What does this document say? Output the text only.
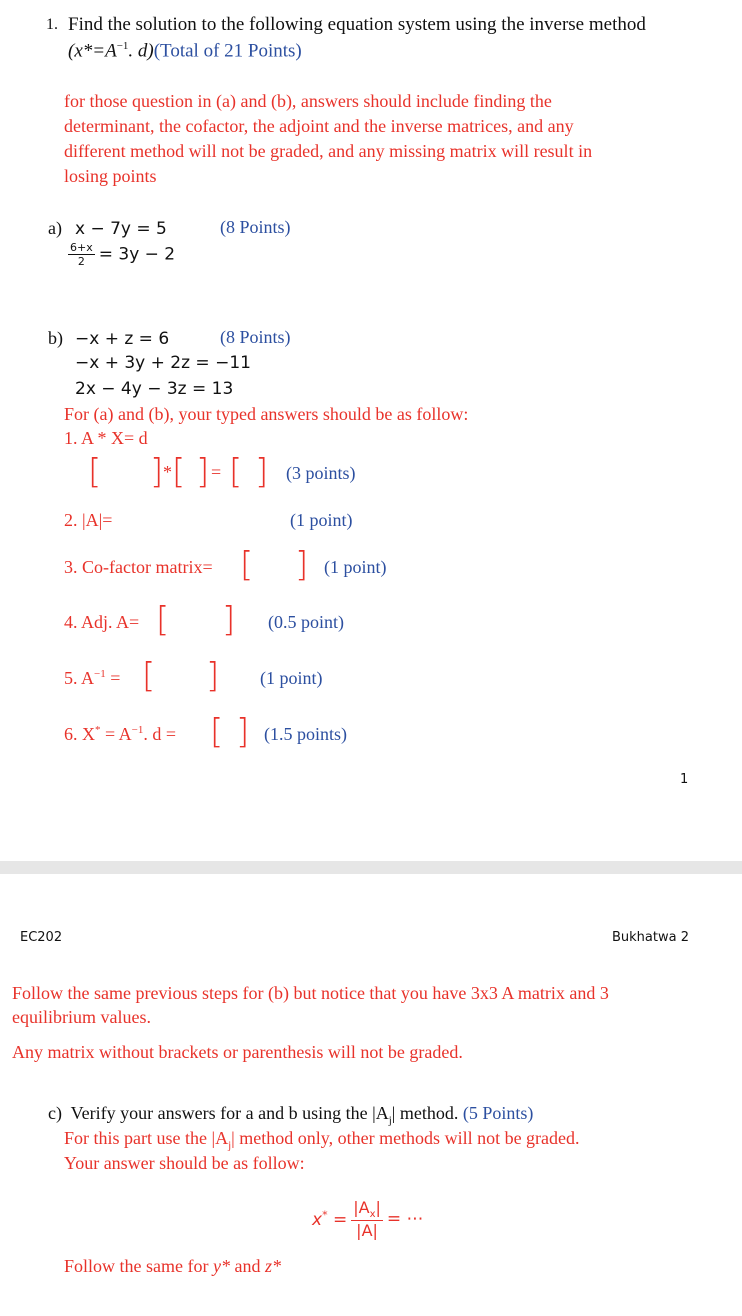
1. Find the solution to the following equation system using the inverse method
($x*=A^{-1}$. d)(Total of 21 Points)
for those question in (a) and (b), answers should include finding the
determinant, the cofactor, the adjoint and the inverse matrices, and any
different method will not be graded, and any missing matrix will result in
losing points
a) x − 7y = 5	(8 Points)
$\frac{6+x}{2} = 3y - 2$
b) −x + z = 6	(8 Points)
−x + 3y + 2z = −11
2x − 4y − 3z = 13
For (a) and (b), your typed answers should be as follow:
1. A * X= d
[ ] * [ ] = [ ] (3 points)
2. |A|=	(1 point)
3. Co-factor matrix= [ ] (1 point)
4. Adj. A= [ ] (0.5 point)
5. $A^{-1}$ = [ ] (1 point)
6. $X^* = A^{-1}$. d = [ ] (1.5 points)
1
EC202	Bukhatwa 2
Follow the same previous steps for (b) but notice that you have 3x3 A matrix and 3
equilibrium values.
Any matrix without brackets or parenthesis will not be graded.
c) Verify your answers for a and b using the $|A_j|$ method. (5 Points)
For this part use the $|A_j|$ method only, other methods will not be graded.
Your answer should be as follow:
$x^* = \frac{|A_x|}{|A|}$ = ⋯
Follow the same for y* and z*
